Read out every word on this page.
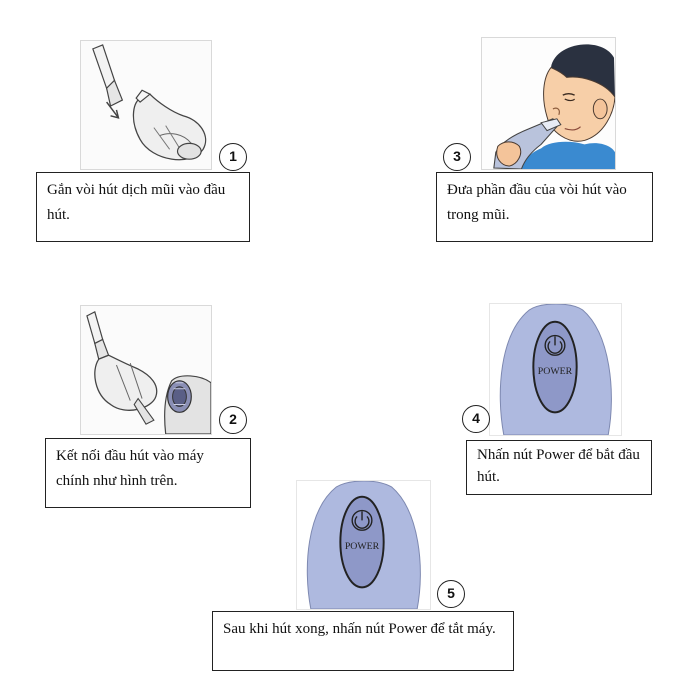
1
Gắn vòi hút dịch mũi vào đầu hút.
3
Đưa phần đầu của vòi hút vào trong mũi.
2
Kết nối đầu hút vào máy chính như hình trên.
POWER
4
Nhấn nút Power để bắt đầu hút.
POWER
5
Sau khi hút xong, nhấn nút Power để tắt máy.
